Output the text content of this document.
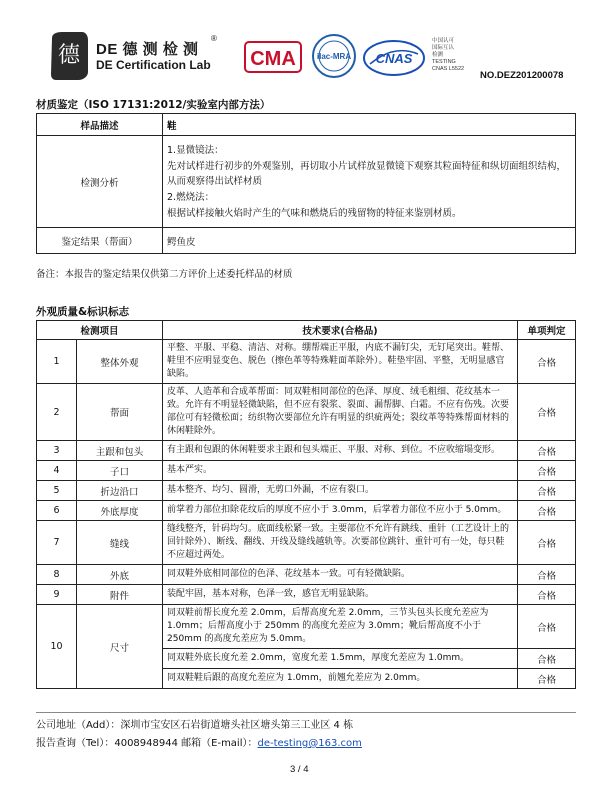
德 DE 德 测 检 测
®
DE Certification Lab CMA	ilac-MRA CNAS
中国认可
国际互认
检测
TESTING
CNAS L5522
NO.DEZ201200078
材质鉴定（ISO 17131:2012/实验室内部方法）
样品描述	鞋
检测分析	1.显微镜法：

先对试样进行初步的外观鉴别，再切取小片试样放显微镜下观察其粒面特征和纵切面组织结构，从而观察得出试样材质

2.燃烧法：

根据试样接触火焰时产生的气味和燃烧后的残留物的特征来鉴别材质。

鉴定结果（帮面）	鳄鱼皮
备注：本报告的鉴定结果仅供第二方评价上述委托样品的材质
外观质量&标识标志
检测项目		技术要求(合格品)	单项判定
1	整体外观	平整、平服、平稳、清洁、对称。绷帮端正平服，内底不漏钉尖，无钉尾突出。鞋帮、鞋里不应明显变色、脱色（擦色革等特殊鞋面革除外）。鞋垫牢固、平整，无明显感官缺陷。	合格
2	帮面	皮革、人造革和合成革帮面：同双鞋相同部位的色泽、厚度、绒毛粗细、花纹基本一致。允许有不明显轻微缺陷，但不应有裂浆、裂面、漏帮脚、白霜。不应有伤残。次要部位可有轻微松面；纺织物次要部位允许有明显的织疵两处；裂纹革等特殊帮面材料的休闲鞋除外。	合格
3	主跟和包头	有主跟和包跟的休闲鞋要求主跟和包头端正、平服、对称、到位。不应收缩塌变形。	合格
4	子口	基本严实。	合格
5	折边沿口	基本整齐、均匀、圆滑，无剪口外漏，不应有裂口。	合格
6	外底厚度	前掌着力部位扣除花纹后的厚度不应小于 3.0mm，后掌着力部位不应小于 5.0mm。	合格
7	缝线	缝线整齐，针码均匀。底面线松紧一致。主要部位不允许有跳线、重针（工艺设计上的回针除外）、断线、翻线、开线及缝线越轨等。次要部位跳针、重针可有一处，每只鞋不应超过两处。	合格
8	外底	同双鞋外底相同部位的色泽、花纹基本一致。可有轻微缺陷。	合格
9	附件	装配牢固，基本对称，色泽一致，感官无明显缺陷。	合格
10	尺寸	同双鞋前帮长度允差 2.0mm，后帮高度允差 2.0mm，三节头包头长度允差应为 1.0mm；后帮高度小于 250mm 的高度允差应为 3.0mm；靴后帮高度不小于 250mm 的高度允差应为 5.0mm。	合格
		同双鞋外底长度允差 2.0mm，宽度允差 1.5mm，厚度允差应为 1.0mm。	合格
		同双鞋鞋后跟的高度允差应为 1.0mm，前翘允差应为 2.0mm。	合格
公司地址（Add）：深圳市宝安区石岩街道塘头社区塘头第三工业区 4 栋
报告查询（Tel）：4008948944 邮箱（E-mail）：de-testing@163.com
3 / 4
